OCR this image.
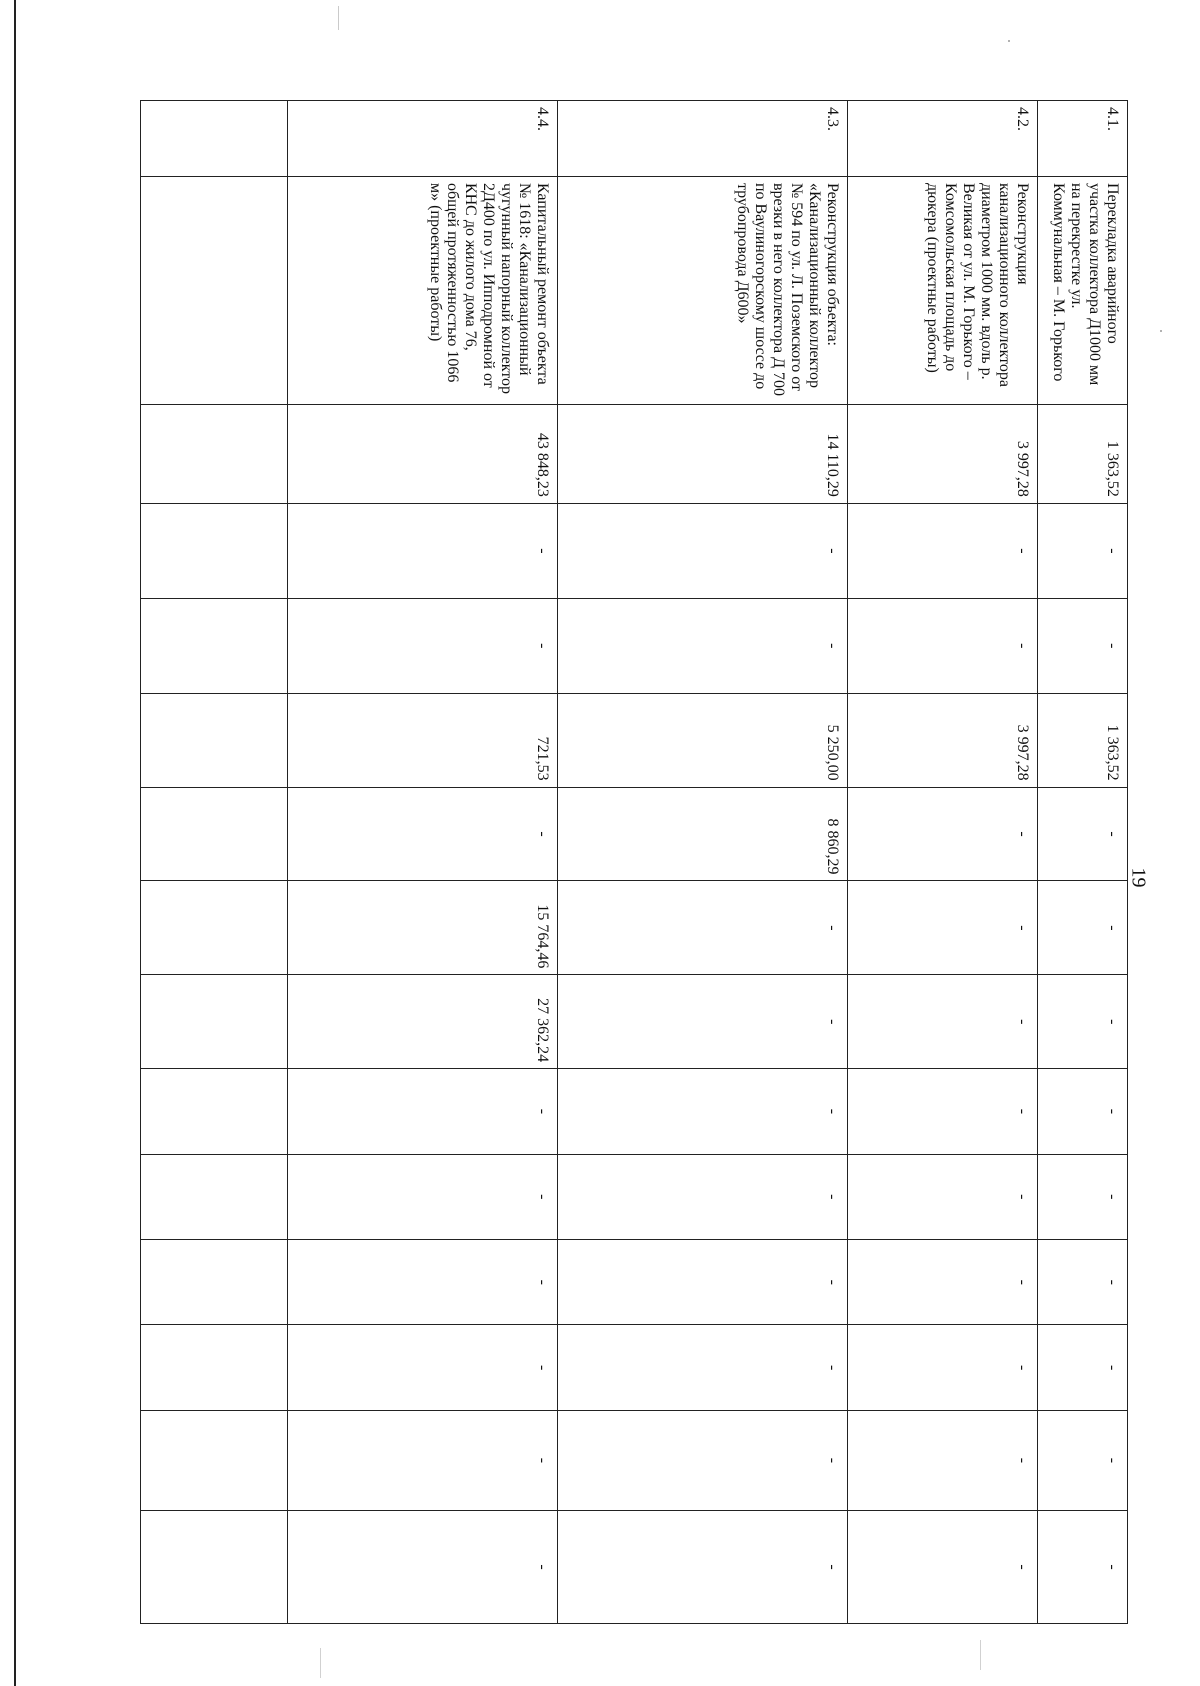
19
4.1.	Перекладка аварийного участка коллектора Д1000 мм на перекрестке ул. Коммунальная – М. Горького	1 363,52	-	-	1 363,52	-	-	-	-	-	-	-	-	-
4.2.	Реконструкция канализационного коллектора диаметром 1000 мм. вдоль р. Великая от ул. М. Горького – Комсомольская площадь до дюкера (проектные работы)	3 997,28	-	-	3 997,28	-	-	-	-	-	-	-	-	-
4.3.	Реконструкция объекта: «Канализационный коллектор № 594 по ул. Л. Поземского от врезки в него коллектора Д 700 по Ваулиногорскому шоссе до трубопровода Д600»	14 110,29	-	-	5 250,00	8 860,29	-	-	-	-	-	-	-	-
4.4.	Капитальный ремонт объекта № 1618: «Канализационный чугунный напорный коллектор 2Д400 по ул. Ипподромной от КНС до жилого дома 76, общей протяженностью 1066 м» (проектные работы)	43 848,23	-	-	721,53	-	15 764,46	27 362,24	-	-	-	-	-	-
